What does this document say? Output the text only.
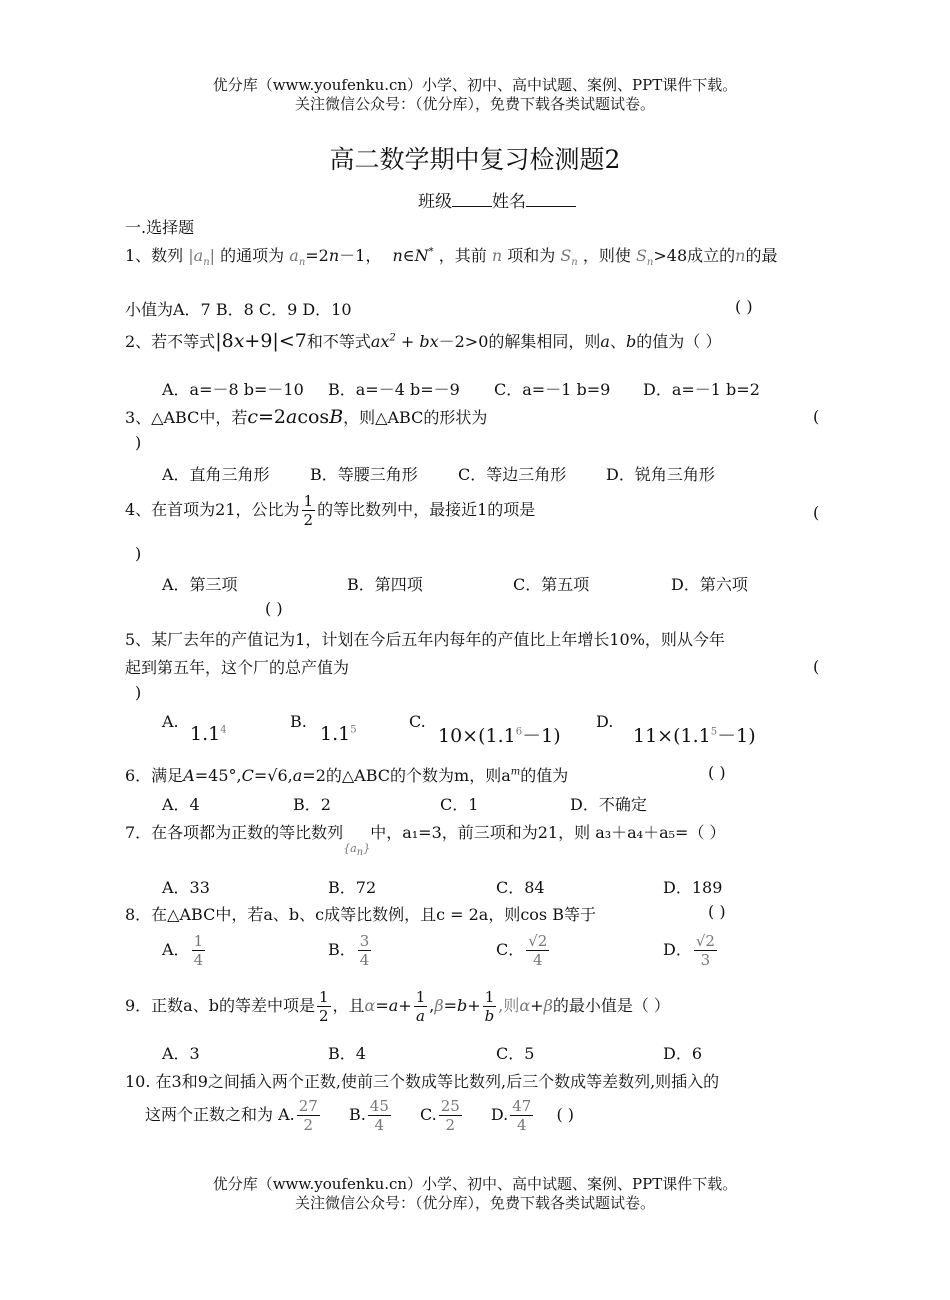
优分库（www.youfenku.cn）小学、初中、高中试题、案例、PPT课件下载。
关注微信公众号：（优分库），免费下载各类试题试卷。
高二数学期中复习检测题2
班级 姓名
一.选择题
1、数列 $|a_n|$ 的通项为 $a_n=2n-1$， n∈N* ，其前 n 项和为 $S_n$ ，则使 $S_n>48$成立的n的最
小值为A．7 B．8 C．9 D．10	( )
2、若不等式|8x+9|<7和不等式$ax^2 + bx-2>0$的解集相同，则a、b的值为（ ）
A．a=－8 b=－10 B．a=－4 b=－9 C．a=－1 b=9 D．a=－1 b=2
3、△ABC中，若c=2acosB，则△ABC的形状为	(
)
A．直角三角形	B．等腰三角形	C．等边三角形 D．锐角三角形
4、在首项为21，公比为 $\frac{1}{2}$ 的等比数列中，最接近1的项是	(
)
A．第三项	B．第四项	C．第五项	D．第六项
( )
5、某厂去年的产值记为1，计划在今后五年内每年的产值比上年增长10%，则从今年
起到第五年，这个厂的总产值为	(
)
A.
$1.1^4$	B.
$1.1^5$	C.
$10\times(1.1^6-1)$
D.
$11\times(1.1^5-1)$
6．满足A=45°,C=√6,a=2的△ABC的个数为m，则$a^m$的值为	( )
A．4	B．2	C．1	D．不确定
7．在各项都为正数的等比数列$_{\{a_n\}}$中，a₁=3，前三项和为21，则 a₃＋a₄＋a₅=（ ）
A．33	B．72	C．84	D．189
8．在△ABC中，若a、b、c成等比数例，且c = 2a，则cos B等于	( )
A． $\frac{1}{4}$	B． $\frac{3}{4}$	C． $\frac{√2}{4}$	D． $\frac{√2}{3}$
9．正数a、b的等差中项是 $\frac{1}{2}$ ，且$\alpha=a+ \frac{1}{a} ,\beta=b+ \frac{1}{b}$ ,则α+β的最小值是（ ）
A．3	B．4	C．5	D．6
10. 在3和9之间插入两个正数,使前三个数成等比数列,后三个数成等差数列,则插入的
这两个正数之和为 A. $\frac{27}{2} B$. $\frac{45}{4} C$. $\frac{25}{2} D$. $\frac{47}{4}$ ( )
优分库（www.youfenku.cn）小学、初中、高中试题、案例、PPT课件下载。
关注微信公众号：（优分库），免费下载各类试题试卷。
